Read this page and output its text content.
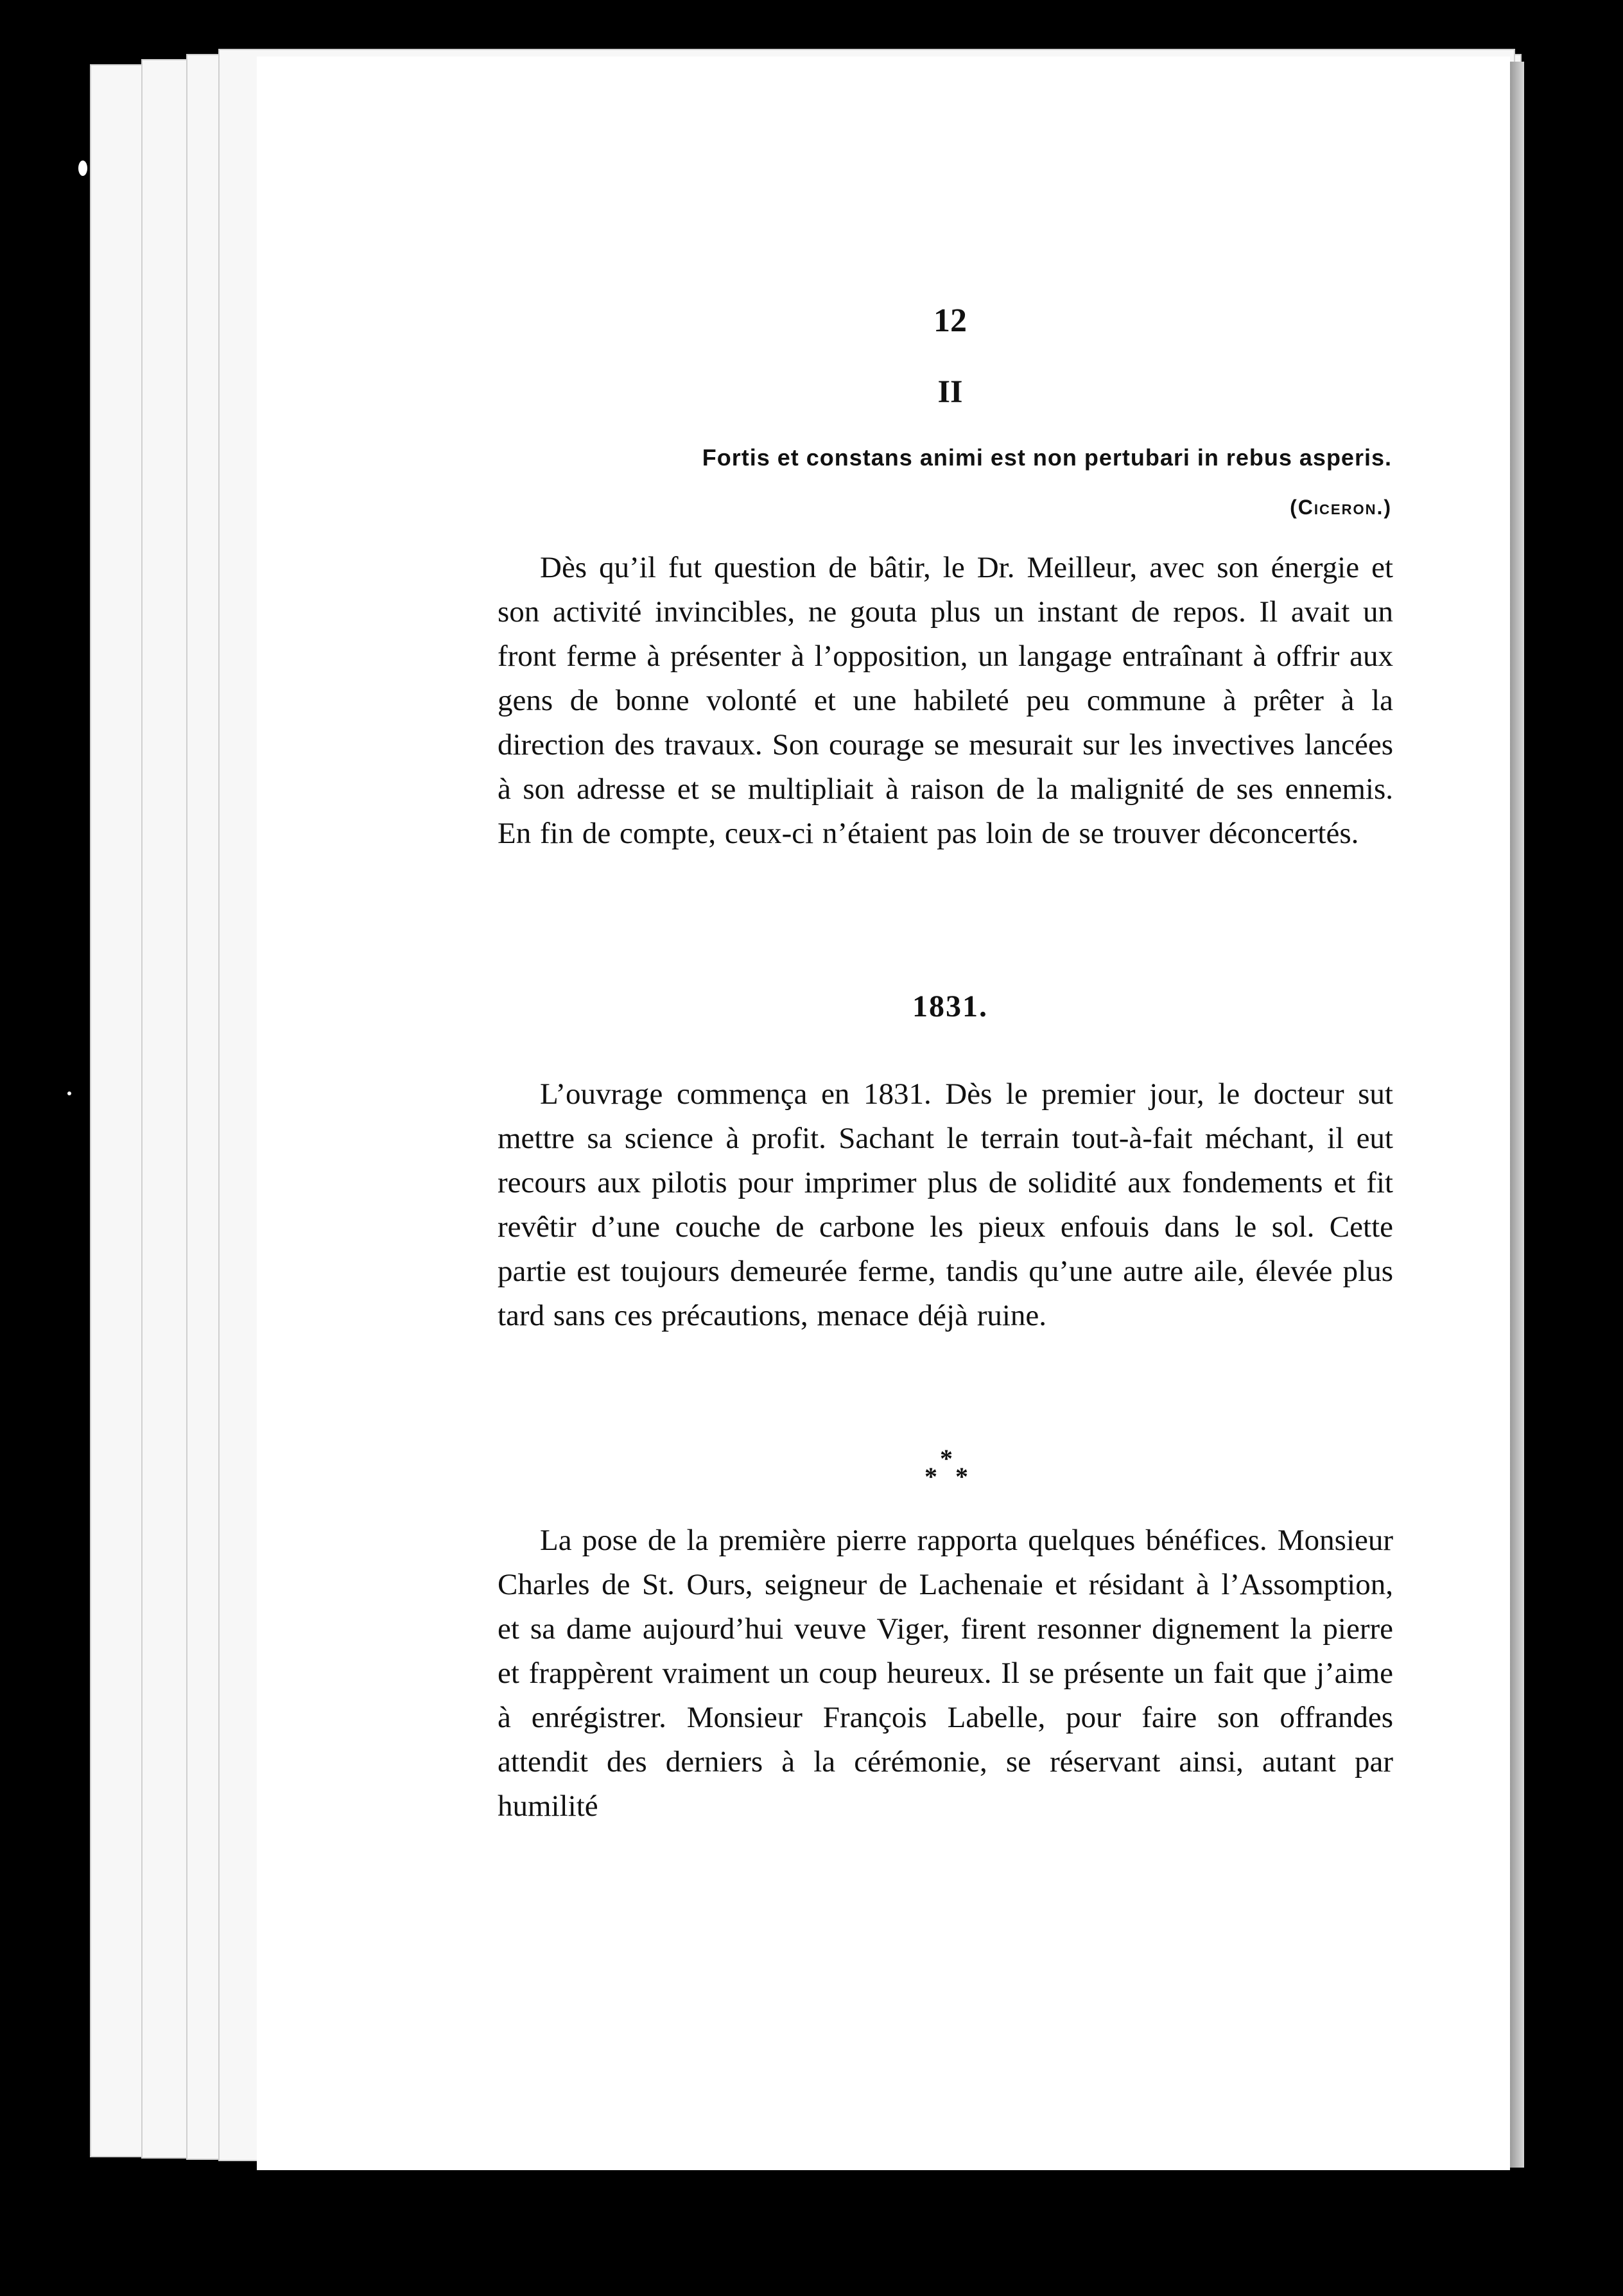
12
II
Fortis et constans animi est non pertubari in rebus asperis.
(Ciceron.)

Dès qu’il fut question de bâtir, le Dr. Meilleur, avec son énergie et son activité invincibles, ne gouta plus un instant de repos. Il avait un front ferme à présenter à l’opposition, un langage entraînant à offrir aux gens de bonne volonté et une habileté peu commune à prêter à la direction des travaux. Son courage se mesurait sur les invectives lancées à son adresse et se multipliait à raison de la malignité de ses ennemis. En fin de compte, ceux-ci n’étaient pas loin de se trouver déconcertés.

1831.

L’ouvrage commença en 1831. Dès le premier jour, le docteur sut mettre sa science à profit. Sachant le terrain tout-à-fait méchant, il eut recours aux pilotis pour imprimer plus de solidité aux fondements et fit revêtir d’une couche de carbone les pieux enfouis dans le sol. Cette partie est toujours demeurée ferme, tandis qu’une autre aile, élevée plus tard sans ces précautions, menace déjà ruine.

*
* *

La pose de la première pierre rapporta quelques bénéfices. Monsieur Charles de St. Ours, seigneur de Lachenaie et résidant à l’Assomption, et sa dame aujourd’hui veuve Viger, firent resonner dignement la pierre et frappèrent vraiment un coup heureux. Il se présente un fait que j’aime à enrégistrer. Monsieur François Labelle, pour faire son offrandes attendit des derniers à la cérémonie, se réservant ainsi, autant par humilité
